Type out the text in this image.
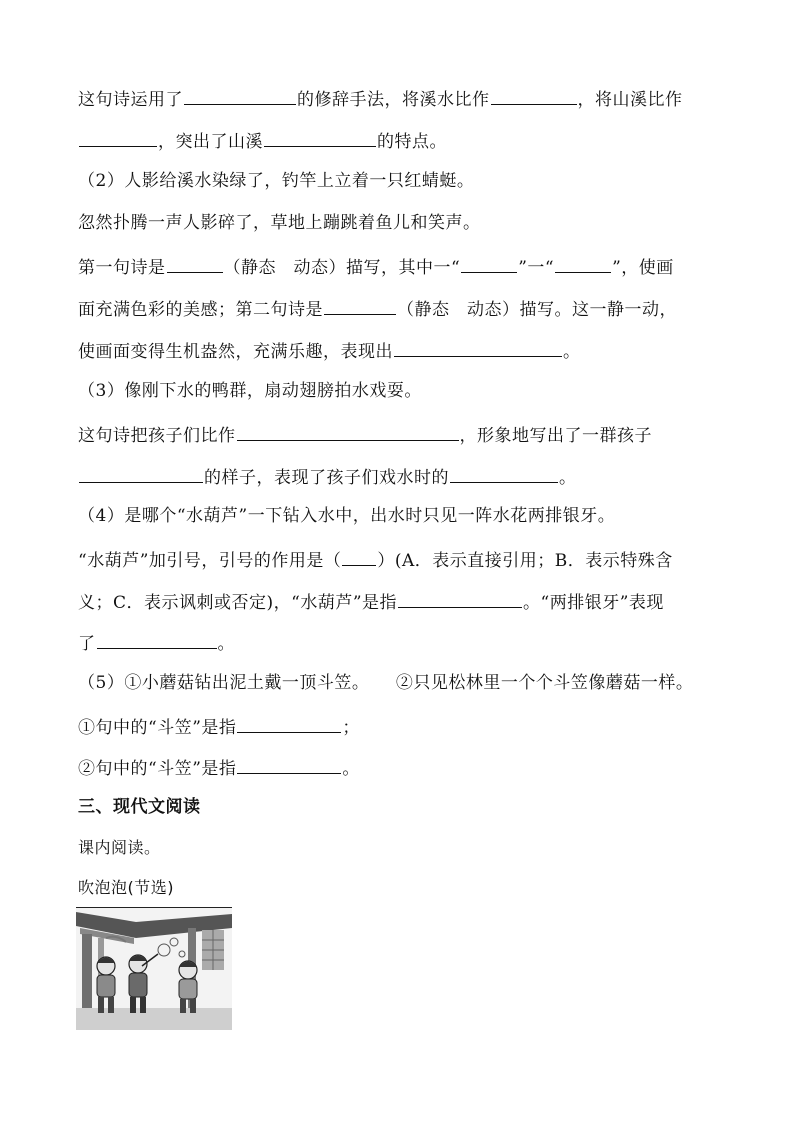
这句诗运用了	的修辞手法，将溪水比作	，将山溪比作
，突出了山溪	的特点。
（2）人影给溪水染绿了，钓竿上立着一只红蜻蜓。
忽然扑腾一声人影碎了，草地上蹦跳着鱼儿和笑声。
第一句诗是	（静态　动态）描写，其中一“	”一“	”，使画
面充满色彩的美感；第二句诗是	（静态　动态）描写。这一静一动，
使画面变得生机盎然，充满乐趣，表现出	。
（3）像刚下水的鸭群，扇动翅膀拍水戏耍。
这句诗把孩子们比作	，形象地写出了一群孩子
的样子，表现了孩子们戏水时的	。
（4）是哪个“水葫芦”一下钻入水中，出水时只见一阵水花两排银牙。
“水葫芦”加引号，引号的作用是（ ）(A．表示直接引用；B．表示特殊含
义；C．表示讽刺或否定)，“水葫芦”是指	。“两排银牙”表现
了	。
（5）①小蘑菇钻出泥土戴一顶斗笠。　　②只见松林里一个个斗笠像蘑菇一样。
①句中的“斗笠”是指	；
②句中的“斗笠”是指	。
三、现代文阅读
课内阅读。
吹泡泡(节选)
